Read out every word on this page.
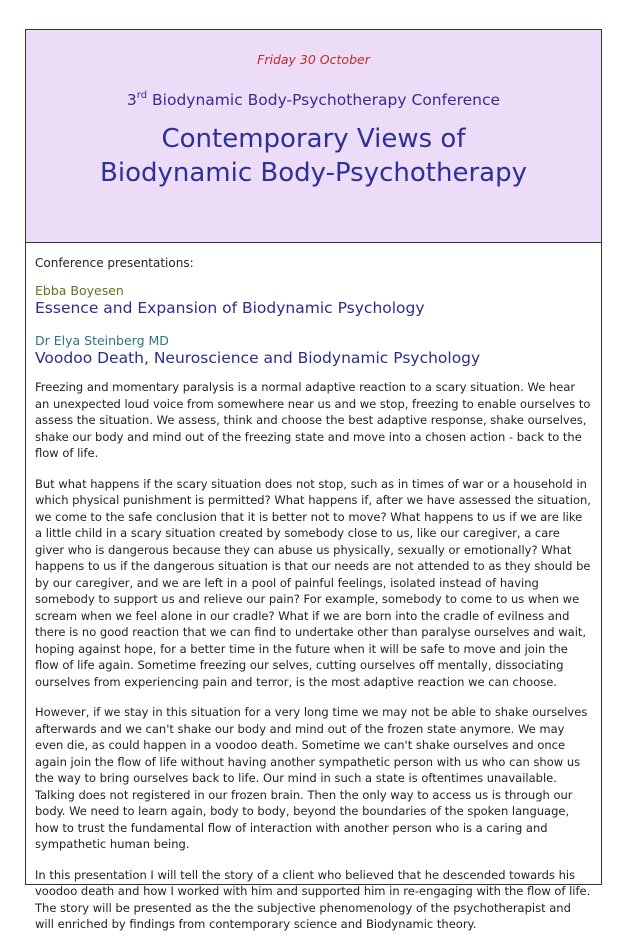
Friday 30 October
3rd Biodynamic Body-Psychotherapy Conference
Contemporary Views of
Biodynamic Body-Psychotherapy
Conference presentations:
Ebba Boyesen
Essence and Expansion of Biodynamic Psychology
Dr Elya Steinberg MD
Voodoo Death, Neuroscience and Biodynamic Psychology

Freezing and momentary paralysis is a normal adaptive reaction to a scary situation. We hear an unexpected loud voice from somewhere near us and we stop, freezing to enable ourselves to assess the situation. We assess, think and choose the best adaptive response, shake ourselves, shake our body and mind out of the freezing state and move into a chosen action - back to the flow of life.

But what happens if the scary situation does not stop, such as in times of war or a household in which physical punishment is permitted? What happens if, after we have assessed the situation, we come to the safe conclusion that it is better not to move? What happens to us if we are like a little child in a scary situation created by somebody close to us, like our caregiver, a care giver who is dangerous because they can abuse us physically, sexually or emotionally? What happens to us if the dangerous situation is that our needs are not attended to as they should be by our caregiver, and we are left in a pool of painful feelings, isolated instead of having somebody to support us and relieve our pain? For example, somebody to come to us when we scream when we feel alone in our cradle? What if we are born into the cradle of evilness and there is no good reaction that we can find to undertake other than paralyse ourselves and wait, hoping against hope, for a better time in the future when it will be safe to move and join the flow of life again. Sometime freezing our selves, cutting ourselves off mentally, dissociating ourselves from experiencing pain and terror, is the most adaptive reaction we can choose.

However, if we stay in this situation for a very long time we may not be able to shake ourselves afterwards and we can't shake our body and mind out of the frozen state anymore. We may even die, as could happen in a voodoo death. Sometime we can't shake ourselves and once again join the flow of life without having another sympathetic person with us who can show us the way to bring ourselves back to life. Our mind in such a state is oftentimes unavailable. Talking does not registered in our frozen brain. Then the only way to access us is through our body. We need to learn again, body to body, beyond the boundaries of the spoken language, how to trust the fundamental flow of interaction with another person who is a caring and sympathetic human being.

In this presentation I will tell the story of a client who believed that he descended towards his voodoo death and how I worked with him and supported him in re-engaging with the flow of life. The story will be presented as the the subjective phenomenology of the psychotherapist and will enriched by findings from contemporary science and Biodynamic theory.
